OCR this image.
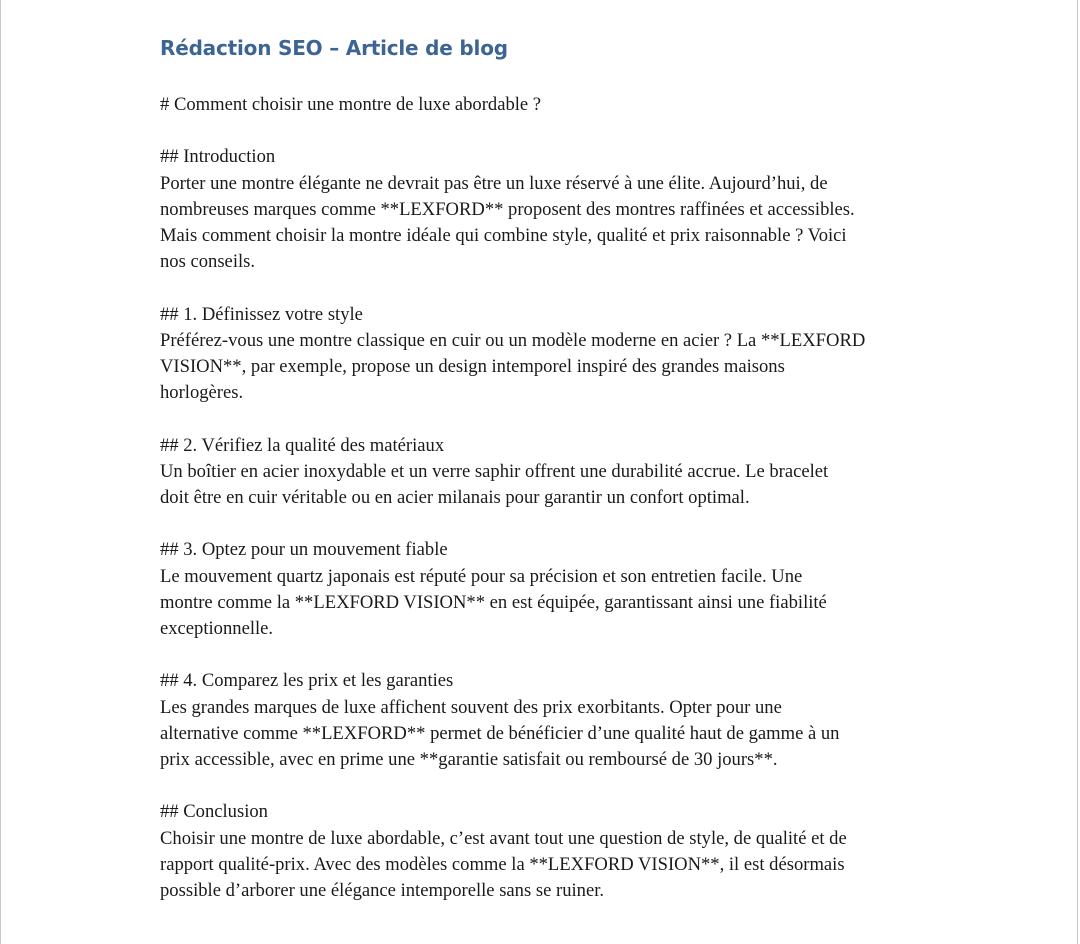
Rédaction SEO – Article de blog

# Comment choisir une montre de luxe abordable ?

## Introduction

Porter une montre élégante ne devrait pas être un luxe réservé à une élite. Aujourd’hui, de
nombreuses marques comme **LEXFORD** proposent des montres raffinées et accessibles.
Mais comment choisir la montre idéale qui combine style, qualité et prix raisonnable ? Voici
nos conseils.

## 1. Définissez votre style

Préférez-vous une montre classique en cuir ou un modèle moderne en acier ? La **LEXFORD
VISION**, par exemple, propose un design intemporel inspiré des grandes maisons
horlogères.

## 2. Vérifiez la qualité des matériaux

Un boîtier en acier inoxydable et un verre saphir offrent une durabilité accrue. Le bracelet
doit être en cuir véritable ou en acier milanais pour garantir un confort optimal.

## 3. Optez pour un mouvement fiable

Le mouvement quartz japonais est réputé pour sa précision et son entretien facile. Une
montre comme la **LEXFORD VISION** en est équipée, garantissant ainsi une fiabilité
exceptionnelle.

## 4. Comparez les prix et les garanties

Les grandes marques de luxe affichent souvent des prix exorbitants. Opter pour une
alternative comme **LEXFORD** permet de bénéficier d’une qualité haut de gamme à un
prix accessible, avec en prime une **garantie satisfait ou remboursé de 30 jours**.

## Conclusion

Choisir une montre de luxe abordable, c’est avant tout une question de style, de qualité et de
rapport qualité-prix. Avec des modèles comme la **LEXFORD VISION**, il est désormais
possible d’arborer une élégance intemporelle sans se ruiner.
